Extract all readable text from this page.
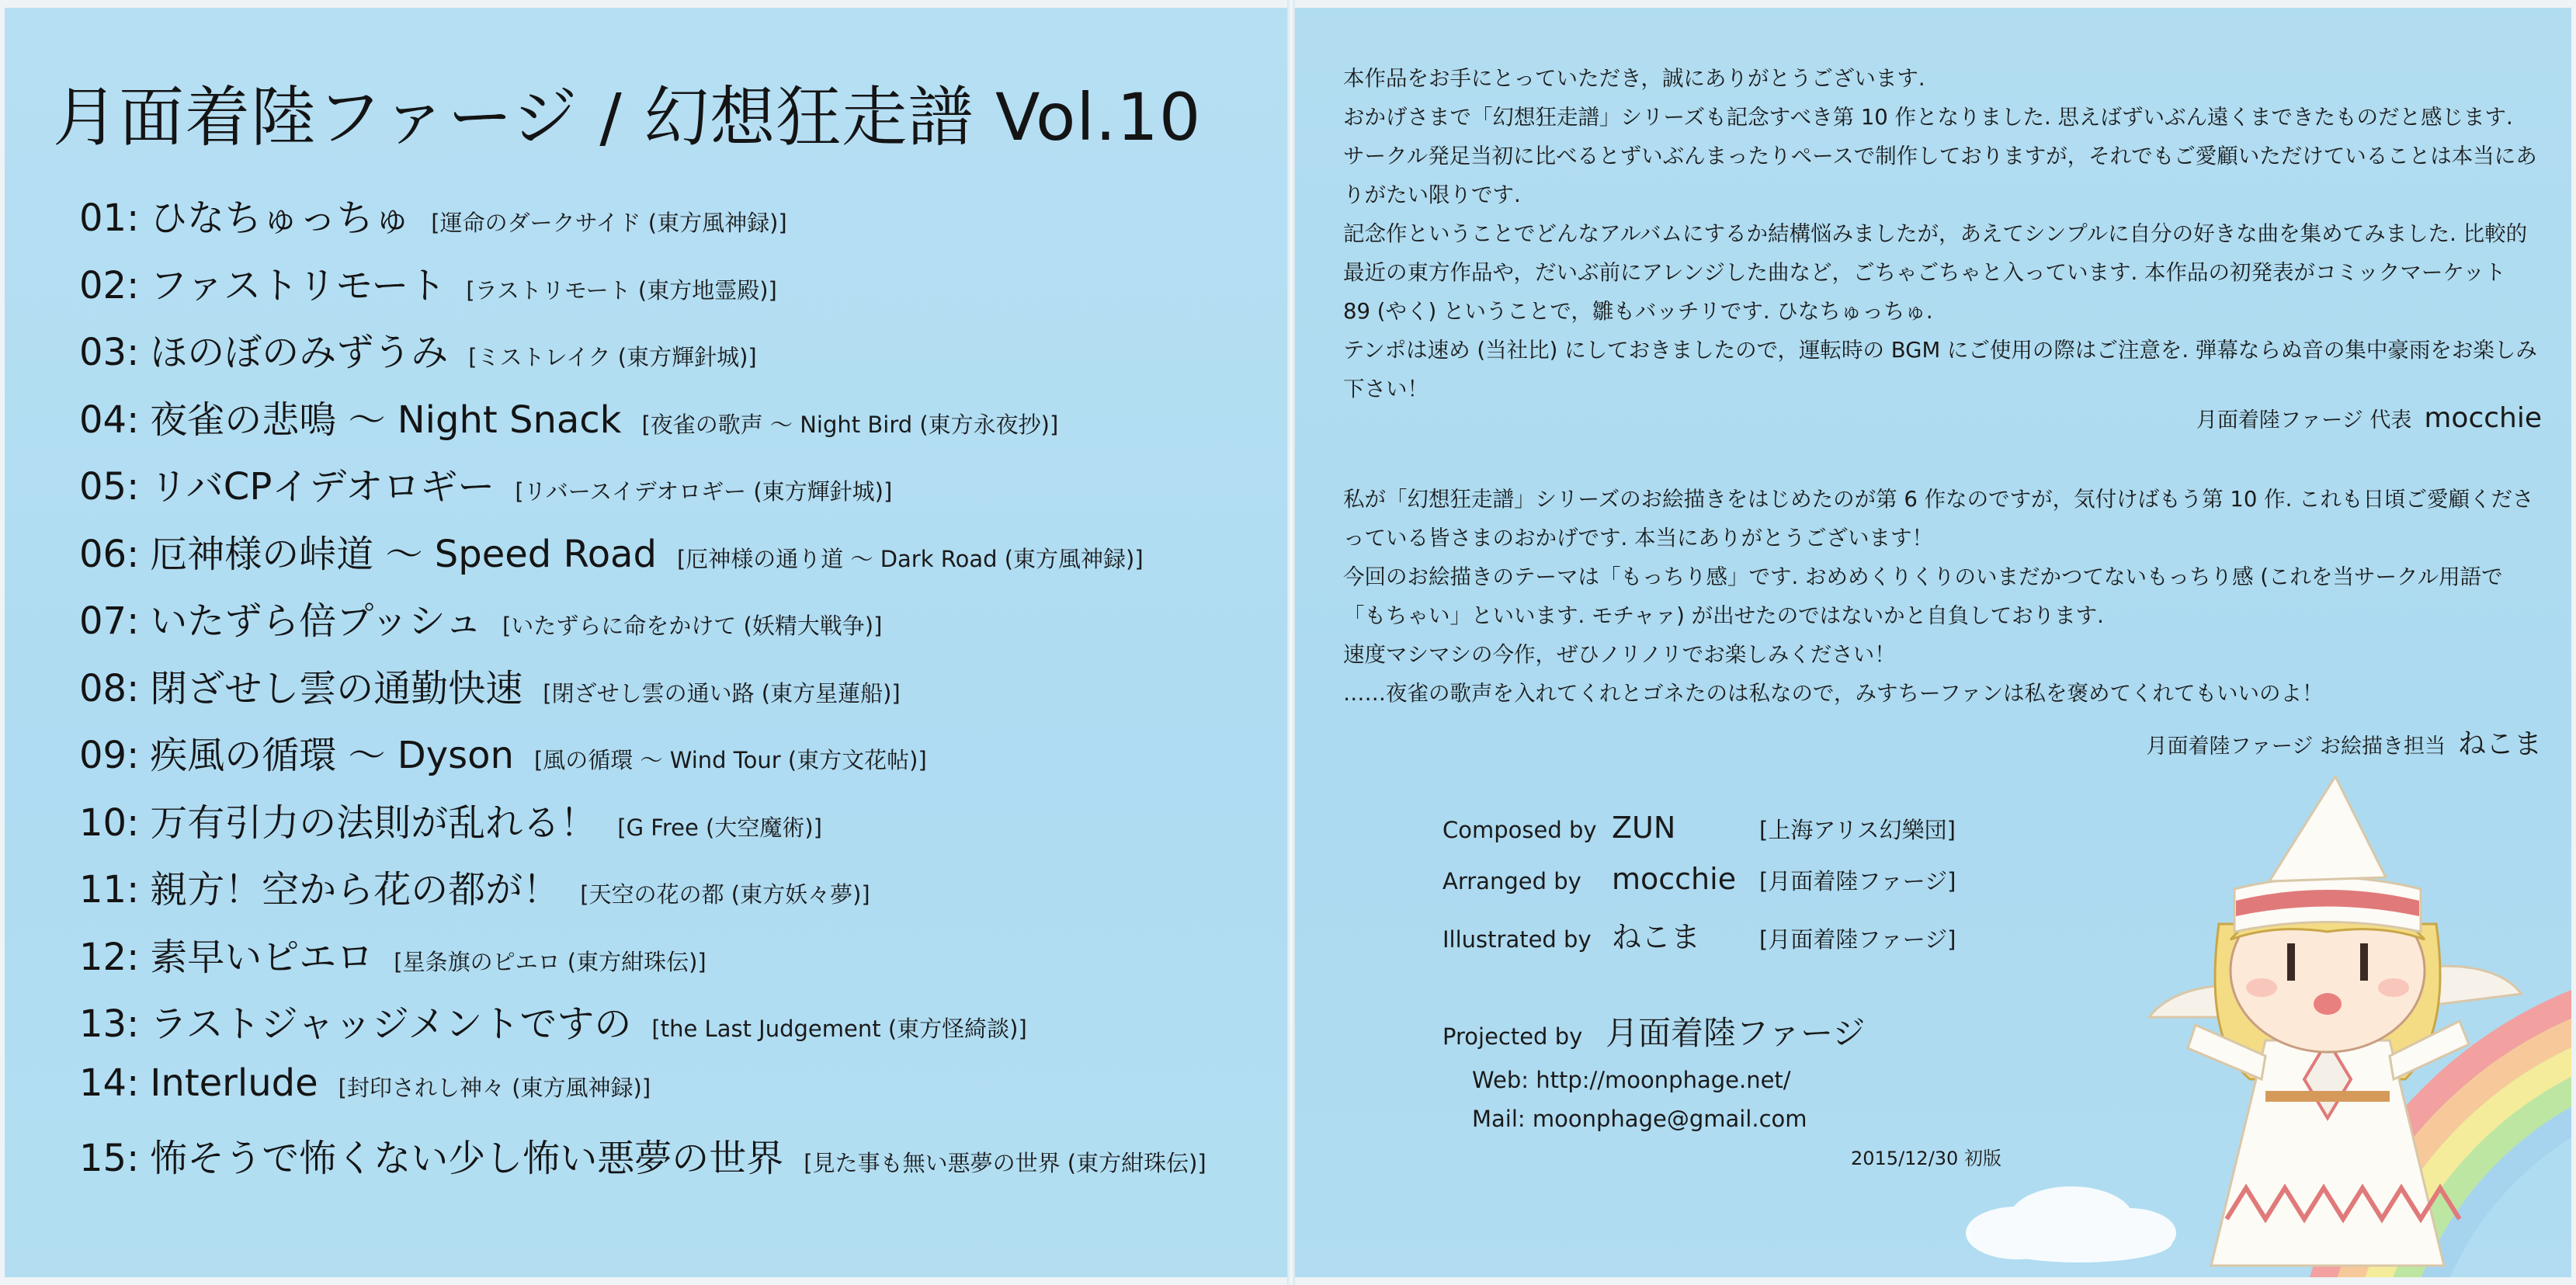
月面着陸ファージ / 幻想狂走譜 Vol.10
01: ひなちゅっちゅ [運命のダークサイド (東方風神録)]
02: ファストリモート [ラストリモート (東方地霊殿)]
03: ほのぼのみずうみ [ミストレイク (東方輝針城)]
04: 夜雀の悲鳴 ～ Night Snack [夜雀の歌声 ～ Night Bird (東方永夜抄)]
05: リバCPイデオロギー [リバースイデオロギー (東方輝針城)]
06: 厄神様の峠道 ～ Speed Road [厄神様の通り道 ～ Dark Road (東方風神録)]
07: いたずら倍プッシュ [いたずらに命をかけて (妖精大戦争)]
08: 閉ざせし雲の通勤快速 [閉ざせし雲の通い路 (東方星蓮船)]
09: 疾風の循環 ～ Dyson [風の循環 ～ Wind Tour (東方文花帖)]
10: 万有引力の法則が乱れる！ [G Free (大空魔術)]
11: 親方！空から花の都が！ [天空の花の都 (東方妖々夢)]
12: 素早いピエロ [星条旗のピエロ (東方紺珠伝)]
13: ラストジャッジメントですの [the Last Judgement (東方怪綺談)]
14: Interlude [封印されし神々 (東方風神録)]
15: 怖そうで怖くない少し怖い悪夢の世界 [見た事も無い悪夢の世界 (東方紺珠伝)]

本作品をお手にとっていただき，誠にありがとうございます.

おかげさまで「幻想狂走譜」シリーズも記念すべき第 10 作となりました. 思えばずいぶん遠くまできたものだと感じます. サークル発足当初に比べるとずいぶんまったりペースで制作しておりますが，それでもご愛顧いただけていることは本当にありがたい限りです.

記念作ということでどんなアルバムにするか結構悩みましたが，あえてシンプルに自分の好きな曲を集めてみました. 比較的最近の東方作品や，だいぶ前にアレンジした曲など，ごちゃごちゃと入っています. 本作品の初発表がコミックマーケット 89 (やく) ということで，雛もバッチリです. ひなちゅっちゅ.

テンポは速め (当社比) にしておきましたので，運転時の BGM にご使用の際はご注意を. 弾幕ならぬ音の集中豪雨をお楽しみ下さい！

月面着陸ファージ 代表 mocchie

私が「幻想狂走譜」シリーズのお絵描きをはじめたのが第 6 作なのですが，気付けばもう第 10 作. これも日頃ご愛顧くださっている皆さまのおかげです. 本当にありがとうございます！

今回のお絵描きのテーマは「もっちり感」です. おめめくりくりのいまだかつてないもっちり感 (これを当サークル用語で「もちゃい」といいます. モチャァ) が出せたのではないかと自負しております.

速度マシマシの今作，ぜひノリノリでお楽しみください！

……夜雀の歌声を入れてくれとゴネたのは私なので，みすちーファンは私を褒めてくれてもいいのよ！

月面着陸ファージ お絵描き担当 ねこま
Composed by ZUN	[上海アリス幻樂団]
Arranged by	mocchie	[月面着陸ファージ]
Illustrated by ねこま	[月面着陸ファージ]
Projected by 月面着陸ファージ
Web: http://moonphage.net/
Mail: moonphage@gmail.com
2015/12/30 初版
